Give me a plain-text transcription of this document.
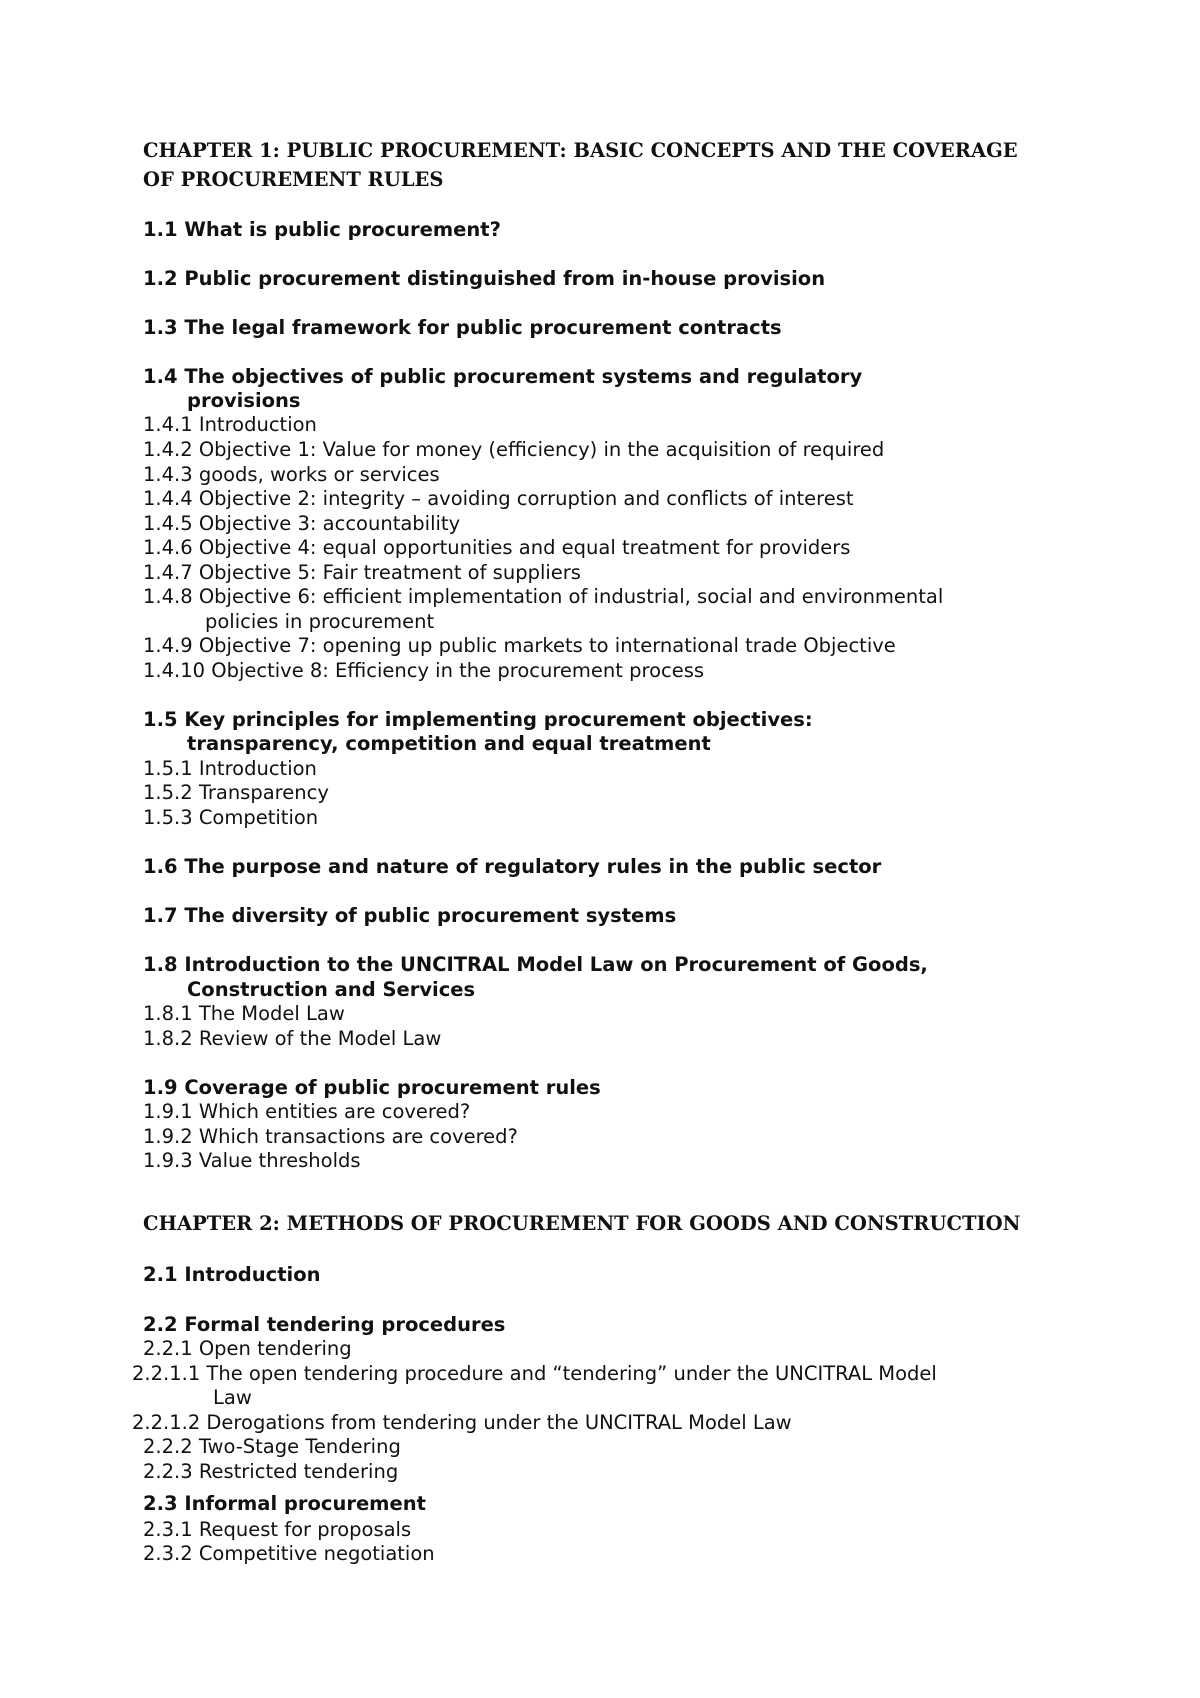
CHAPTER 1: PUBLIC PROCUREMENT: BASIC CONCEPTS AND THE COVERAGE
OF PROCUREMENT RULES
1.1 What is public procurement?
1.2 Public procurement distinguished from in-house provision
1.3 The legal framework for public procurement contracts
1.4 The objectives of public procurement systems and regulatory
provisions
1.4.1 Introduction
1.4.2 Objective 1: Value for money (efficiency) in the acquisition of required
1.4.3 goods, works or services
1.4.4 Objective 2: integrity – avoiding corruption and conflicts of interest
1.4.5 Objective 3: accountability
1.4.6 Objective 4: equal opportunities and equal treatment for providers
1.4.7 Objective 5: Fair treatment of suppliers
1.4.8 Objective 6: efficient implementation of industrial, social and environmental
policies in procurement
1.4.9 Objective 7: opening up public markets to international trade Objective
1.4.10 Objective 8: Efficiency in the procurement process
1.5 Key principles for implementing procurement objectives:
transparency, competition and equal treatment
1.5.1 Introduction
1.5.2 Transparency
1.5.3 Competition
1.6 The purpose and nature of regulatory rules in the public sector
1.7 The diversity of public procurement systems
1.8 Introduction to the UNCITRAL Model Law on Procurement of Goods,
Construction and Services
1.8.1 The Model Law
1.8.2 Review of the Model Law
1.9 Coverage of public procurement rules
1.9.1 Which entities are covered?
1.9.2 Which transactions are covered?
1.9.3 Value thresholds
CHAPTER 2: METHODS OF PROCUREMENT FOR GOODS AND CONSTRUCTION
2.1 Introduction
2.2 Formal tendering procedures
2.2.1 Open tendering
2.2.1.1 The open tendering procedure and “tendering” under the UNCITRAL Model
Law
2.2.1.2 Derogations from tendering under the UNCITRAL Model Law
2.2.2 Two-Stage Tendering
2.2.3 Restricted tendering
2.3 Informal procurement
2.3.1 Request for proposals
2.3.2 Competitive negotiation
